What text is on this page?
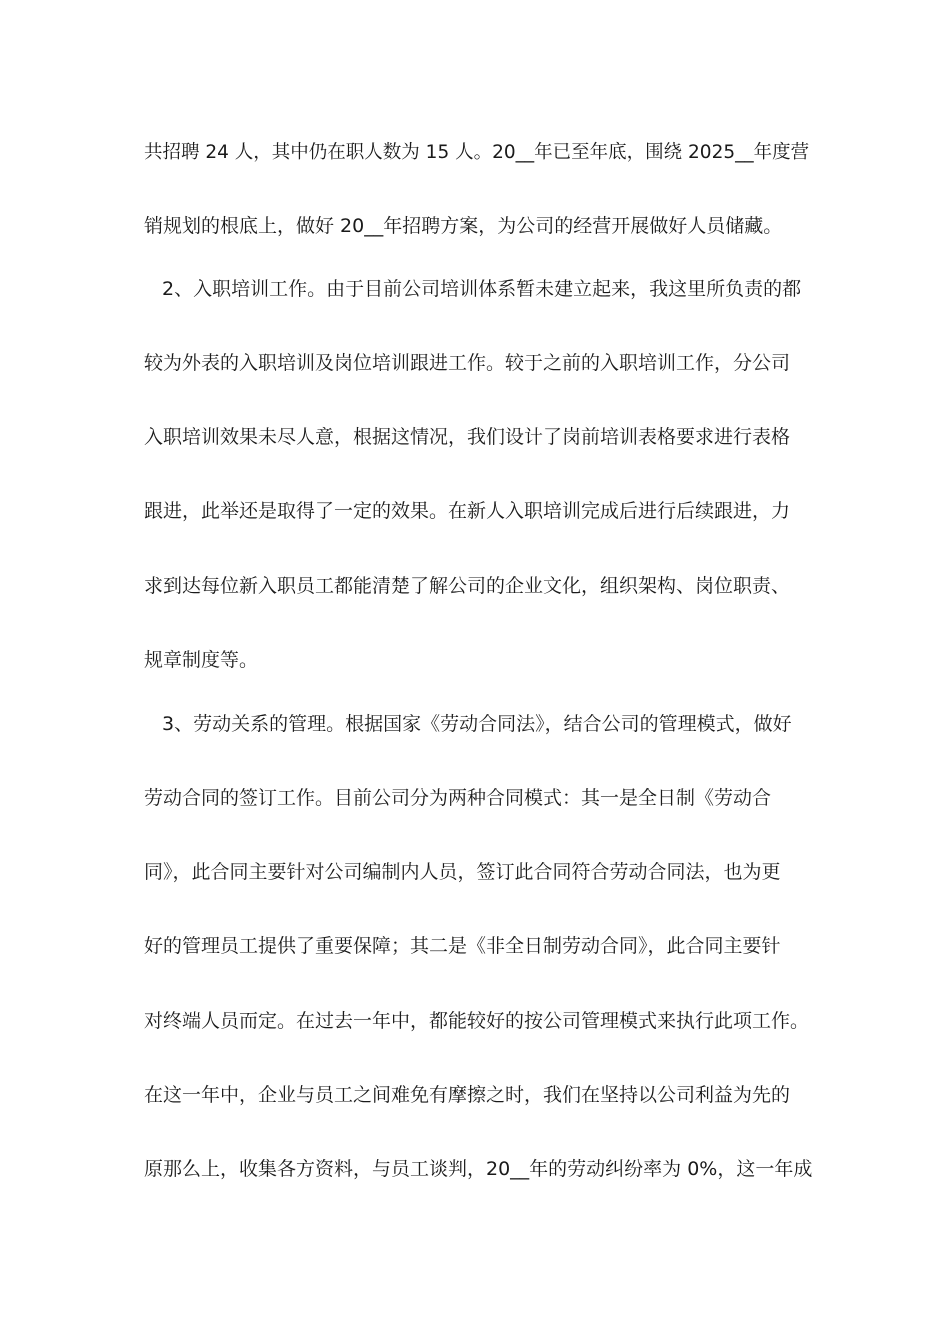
共招聘 24 人，其中仍在职人数为 15 人。20__年已至年底，围绕 2025__年度营
销规划的根底上，做好 20__年招聘方案，为公司的经营开展做好人员储藏。
2、入职培训工作。由于目前公司培训体系暂未建立起来，我这里所负责的都
较为外表的入职培训及岗位培训跟进工作。较于之前的入职培训工作，分公司
入职培训效果未尽人意，根据这情况，我们设计了岗前培训表格要求进行表格
跟进，此举还是取得了一定的效果。在新人入职培训完成后进行后续跟进，力
求到达每位新入职员工都能清楚了解公司的企业文化，组织架构、岗位职责、
规章制度等。
3、劳动关系的管理。根据国家《劳动合同法》，结合公司的管理模式，做好
劳动合同的签订工作。目前公司分为两种合同模式：其一是全日制《劳动合
同》，此合同主要针对公司编制内人员，签订此合同符合劳动合同法，也为更
好的管理员工提供了重要保障；其二是《非全日制劳动合同》，此合同主要针
对终端人员而定。在过去一年中，都能较好的按公司管理模式来执行此项工作。
在这一年中，企业与员工之间难免有摩擦之时，我们在坚持以公司利益为先的
原那么上，收集各方资料，与员工谈判，20__年的劳动纠纷率为 0%，这一年成
